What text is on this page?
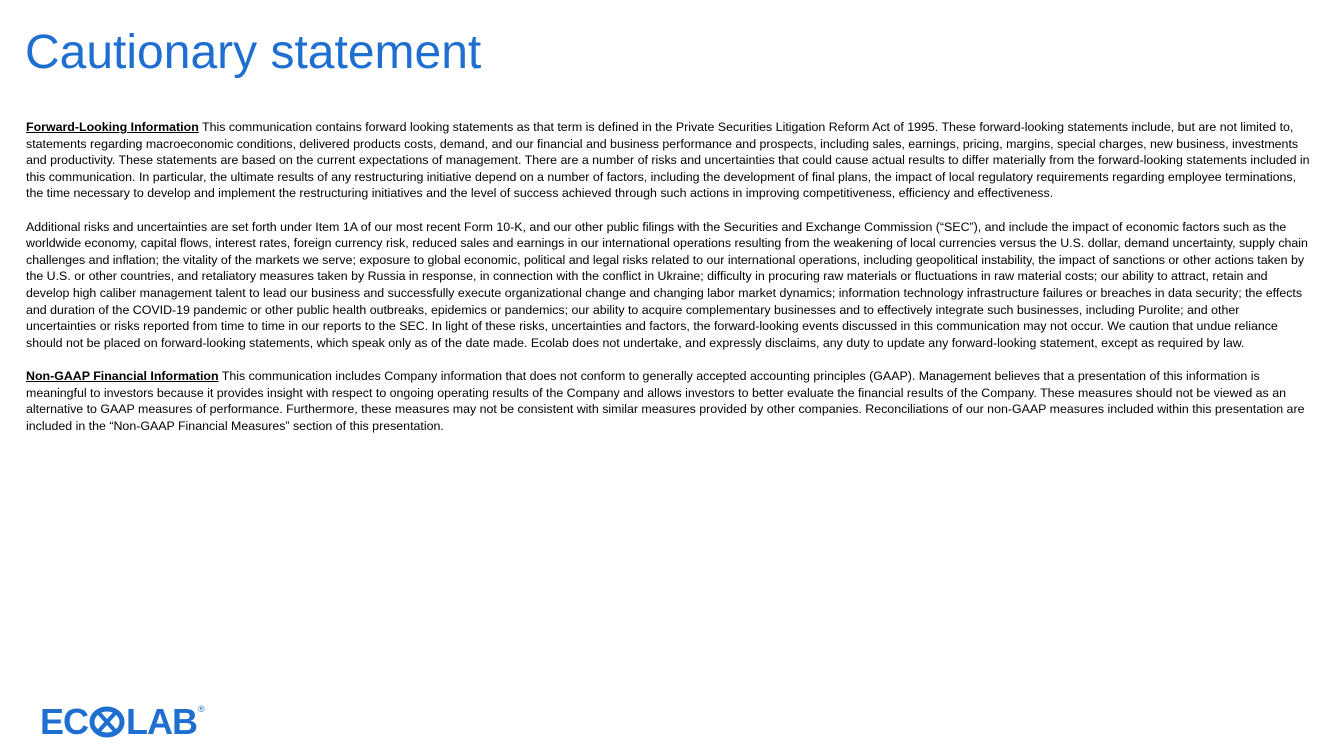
Cautionary statement

Forward-Looking Information This communication contains forward looking statements as that term is defined in the Private Securities Litigation Reform Act of 1995. These forward-looking statements include, but are not limited to, statements regarding macroeconomic conditions, delivered products costs, demand, and our financial and business performance and prospects, including sales, earnings, pricing, margins, special charges, new business, investments and productivity. These statements are based on the current expectations of management. There are a number of risks and uncertainties that could cause actual results to differ materially from the forward-looking statements included in this communication. In particular, the ultimate results of any restructuring initiative depend on a number of factors, including the development of final plans, the impact of local regulatory requirements regarding employee terminations, the time necessary to develop and implement the restructuring initiatives and the level of success achieved through such actions in improving competitiveness, efficiency and effectiveness.

Additional risks and uncertainties are set forth under Item 1A of our most recent Form 10-K, and our other public filings with the Securities and Exchange Commission (“SEC”), and include the impact of economic factors such as the worldwide economy, capital flows, interest rates, foreign currency risk, reduced sales and earnings in our international operations resulting from the weakening of local currencies versus the U.S. dollar, demand uncertainty, supply chain challenges and inflation; the vitality of the markets we serve; exposure to global economic, political and legal risks related to our international operations, including geopolitical instability, the impact of sanctions or other actions taken by the U.S. or other countries, and retaliatory measures taken by Russia in response, in connection with the conflict in Ukraine; difficulty in procuring raw materials or fluctuations in raw material costs; our ability to attract, retain and develop high caliber management talent to lead our business and successfully execute organizational change and changing labor market dynamics; information technology infrastructure failures or breaches in data security; the effects and duration of the COVID-19 pandemic or other public health outbreaks, epidemics or pandemics; our ability to acquire complementary businesses and to effectively integrate such businesses, including Purolite; and other uncertainties or risks reported from time to time in our reports to the SEC. In light of these risks, uncertainties and factors, the forward-looking events discussed in this communication may not occur. We caution that undue reliance should not be placed on forward-looking statements, which speak only as of the date made. Ecolab does not undertake, and expressly disclaims, any duty to update any forward-looking statement, except as required by law.

Non-GAAP Financial Information This communication includes Company information that does not conform to generally accepted accounting principles (GAAP). Management believes that a presentation of this information is meaningful to investors because it provides insight with respect to ongoing operating results of the Company and allows investors to better evaluate the financial results of the Company. These measures should not be viewed as an alternative to GAAP measures of performance. Furthermore, these measures may not be consistent with similar measures provided by other companies. Reconciliations of our non-GAAP measures included within this presentation are included in the “Non-GAAP Financial Measures” section of this presentation.

EC LAB ®
